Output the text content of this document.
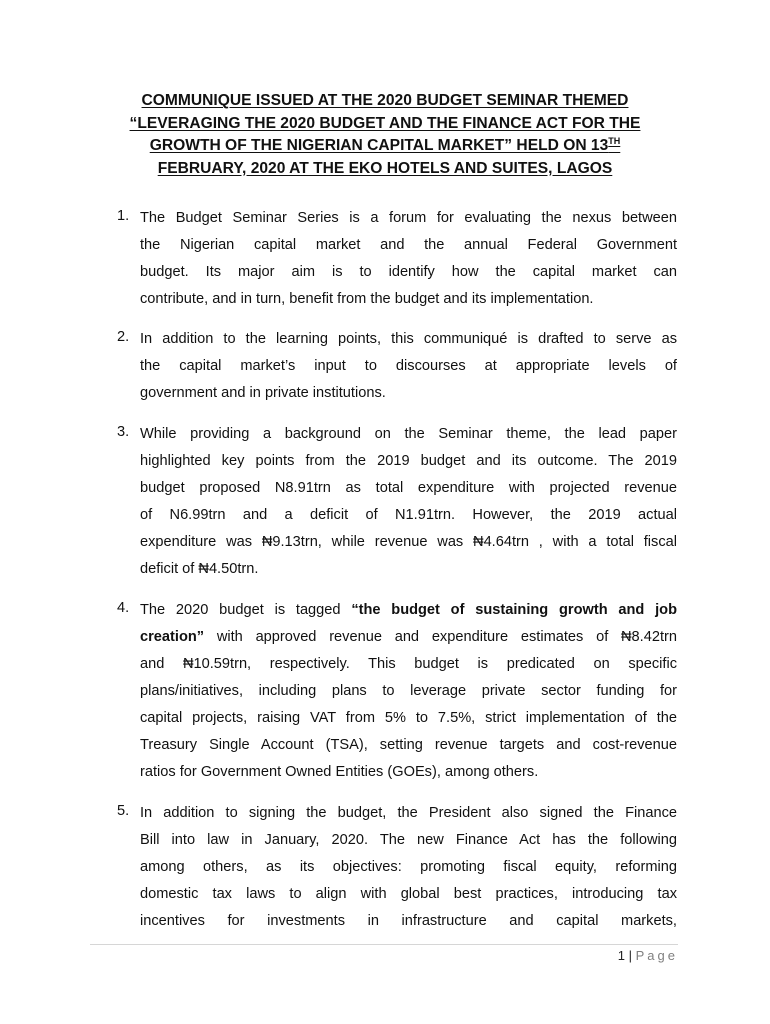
COMMUNIQUE ISSUED AT THE 2020 BUDGET SEMINAR THEMED
“LEVERAGING THE 2020 BUDGET AND THE FINANCE ACT FOR THE
GROWTH OF THE NIGERIAN CAPITAL MARKET” HELD ON 13TH
FEBRUARY, 2020 AT THE EKO HOTELS AND SUITES, LAGOS
1. The Budget Seminar Series is a forum for evaluating the nexus between
the Nigerian capital market and the annual Federal Government
budget. Its major aim is to identify how the capital market can
contribute, and in turn, benefit from the budget and its implementation.
2. In addition to the learning points, this communiqué is drafted to serve as
the capital market’s input to discourses at appropriate levels of
government and in private institutions.
3. While providing a background on the Seminar theme, the lead paper
highlighted key points from the 2019 budget and its outcome. The 2019
budget proposed N8.91trn as total expenditure with projected revenue
of N6.99trn and a deficit of N1.91trn. However, the 2019 actual
expenditure was ₦9.13trn, while revenue was ₦4.64trn , with a total fiscal
deficit of ₦4.50trn.
4. The 2020 budget is tagged “the budget of sustaining growth and job
creation” with approved revenue and expenditure estimates of ₦8.42trn
and ₦10.59trn, respectively. This budget is predicated on specific
plans/initiatives, including plans to leverage private sector funding for
capital projects, raising VAT from 5% to 7.5%, strict implementation of the
Treasury Single Account (TSA), setting revenue targets and cost-revenue
ratios for Government Owned Entities (GOEs), among others.
5. In addition to signing the budget, the President also signed the Finance
Bill into law in January, 2020. The new Finance Act has the following
among others, as its objectives: promoting fiscal equity, reforming
domestic tax laws to align with global best practices, introducing tax
incentives for investments in infrastructure and capital markets,
1 | Page
